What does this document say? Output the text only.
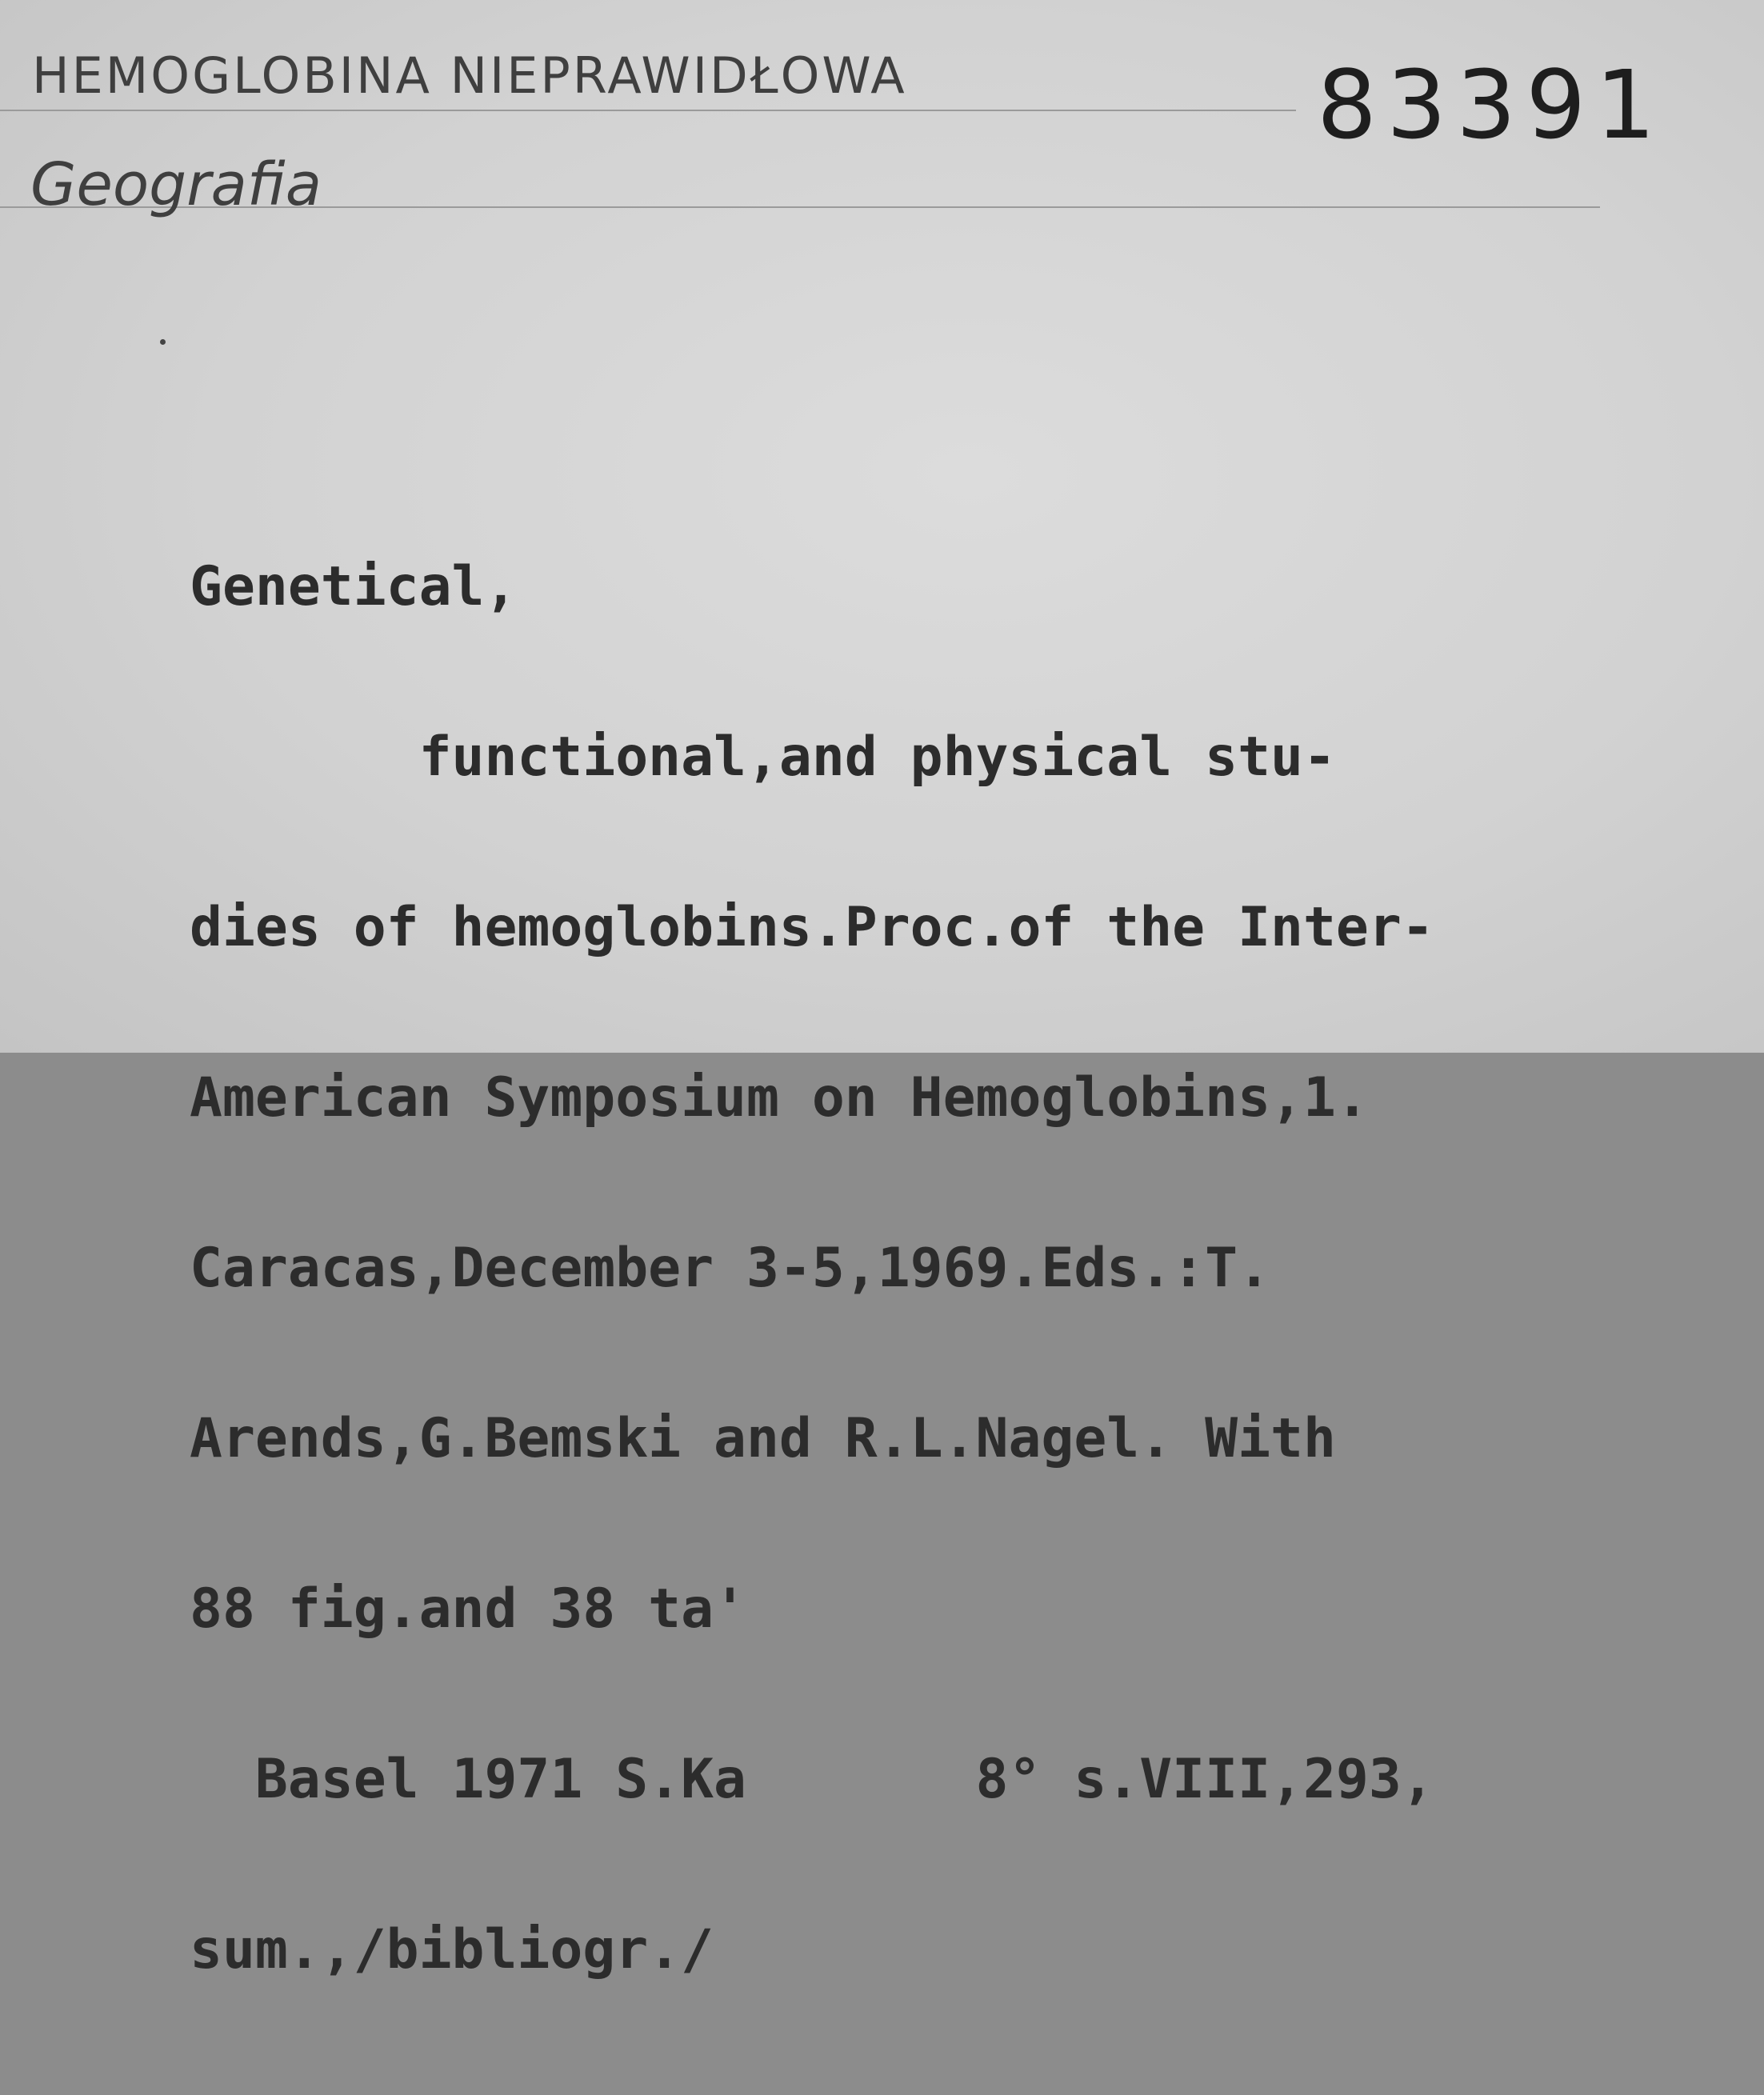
HEMOGLOBINA NIEPRAWIDŁOWA	83391
Geografia

Genetical,

functional,and physical stu-

dies of hemoglobins.Proc.of the Inter-

American Symposium on Hemoglobins,1.

Caracas,December 3-5,1969.Eds.:T.

Arends,G.Bemski and R.L.Nagel. With

88 fig.and 38 ta'

Basel 1971 S.Ka       8° s.VIII,293,

sum.,/bibliogr./
